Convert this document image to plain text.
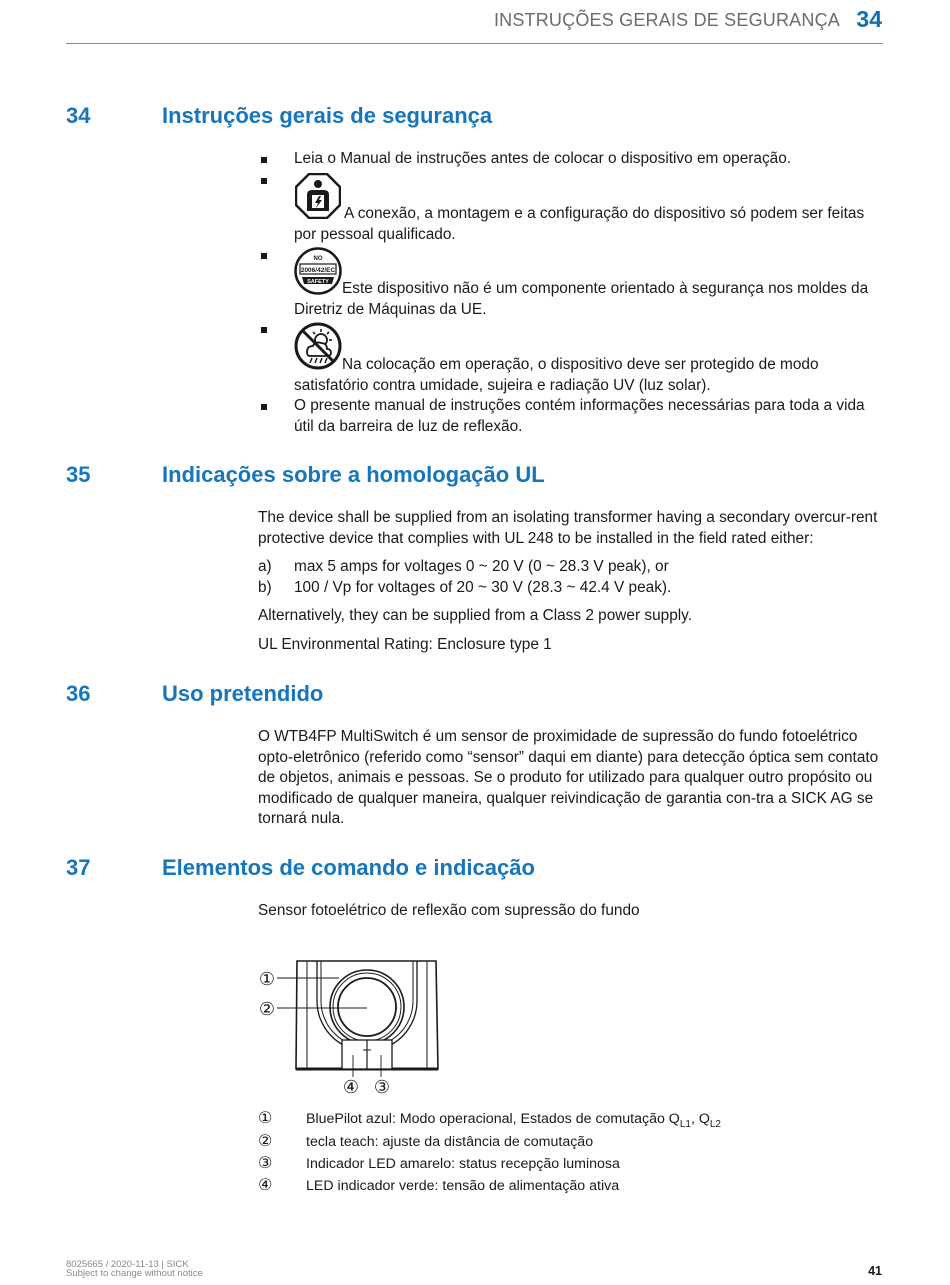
INSTRUÇÕES GERAIS DE SEGURANÇA 34
34	Instruções gerais de segurança
Leia o Manual de instruções antes de colocar o dispositivo em operação.
A conexão, a montagem e a configuração do dispositivo só podem ser feitas por pessoal qualificado.
NO
2006/42/EC
SAFETY Este dispositivo não é um componente orientado à segurança nos moldes da Diretriz de Máquinas da UE.
Na colocação em operação, o dispositivo deve ser protegido de modo satisfatório contra umidade, sujeira e radiação UV (luz solar).
O presente manual de instruções contém informações necessárias para toda a vida útil da barreira de luz de reflexão.
35	Indicações sobre a homologação UL
The device shall be supplied from an isolating transformer having a secondary overcur-rent protective device that complies with UL 248 to be installed in the field rated either:
a) max 5 amps for voltages 0 ~ 20 V (0 ~ 28.3 V peak), or
b) 100 / Vp for voltages of 20 ~ 30 V (28.3 ~ 42.4 V peak).
Alternatively, they can be supplied from a Class 2 power supply.
UL Environmental Rating: Enclosure type 1
36	Uso pretendido
O WTB4FP MultiSwitch é um sensor de proximidade de supressão do fundo fotoelétrico opto-eletrônico (referido como “sensor” daqui em diante) para detecção óptica sem contato de objetos, animais e pessoas. Se o produto for utilizado para qualquer outro propósito ou modificado de qualquer maneira, qualquer reivindicação de garantia con-tra a SICK AG se tornará nula.
37	Elementos de comando e indicação
Sensor fotoelétrico de reflexão com supressão do fundo
①
②
④ ③
① BluePilot azul: Modo operacional, Estados de comutação $Q_{L1}$, $Q_{L2}$
② tecla teach: ajuste da distância de comutação
③ Indicador LED amarelo: status recepção luminosa
④ LED indicador verde: tensão de alimentação ativa
8025665 / 2020-11-13 | SICK
Subject to change without notice	41
